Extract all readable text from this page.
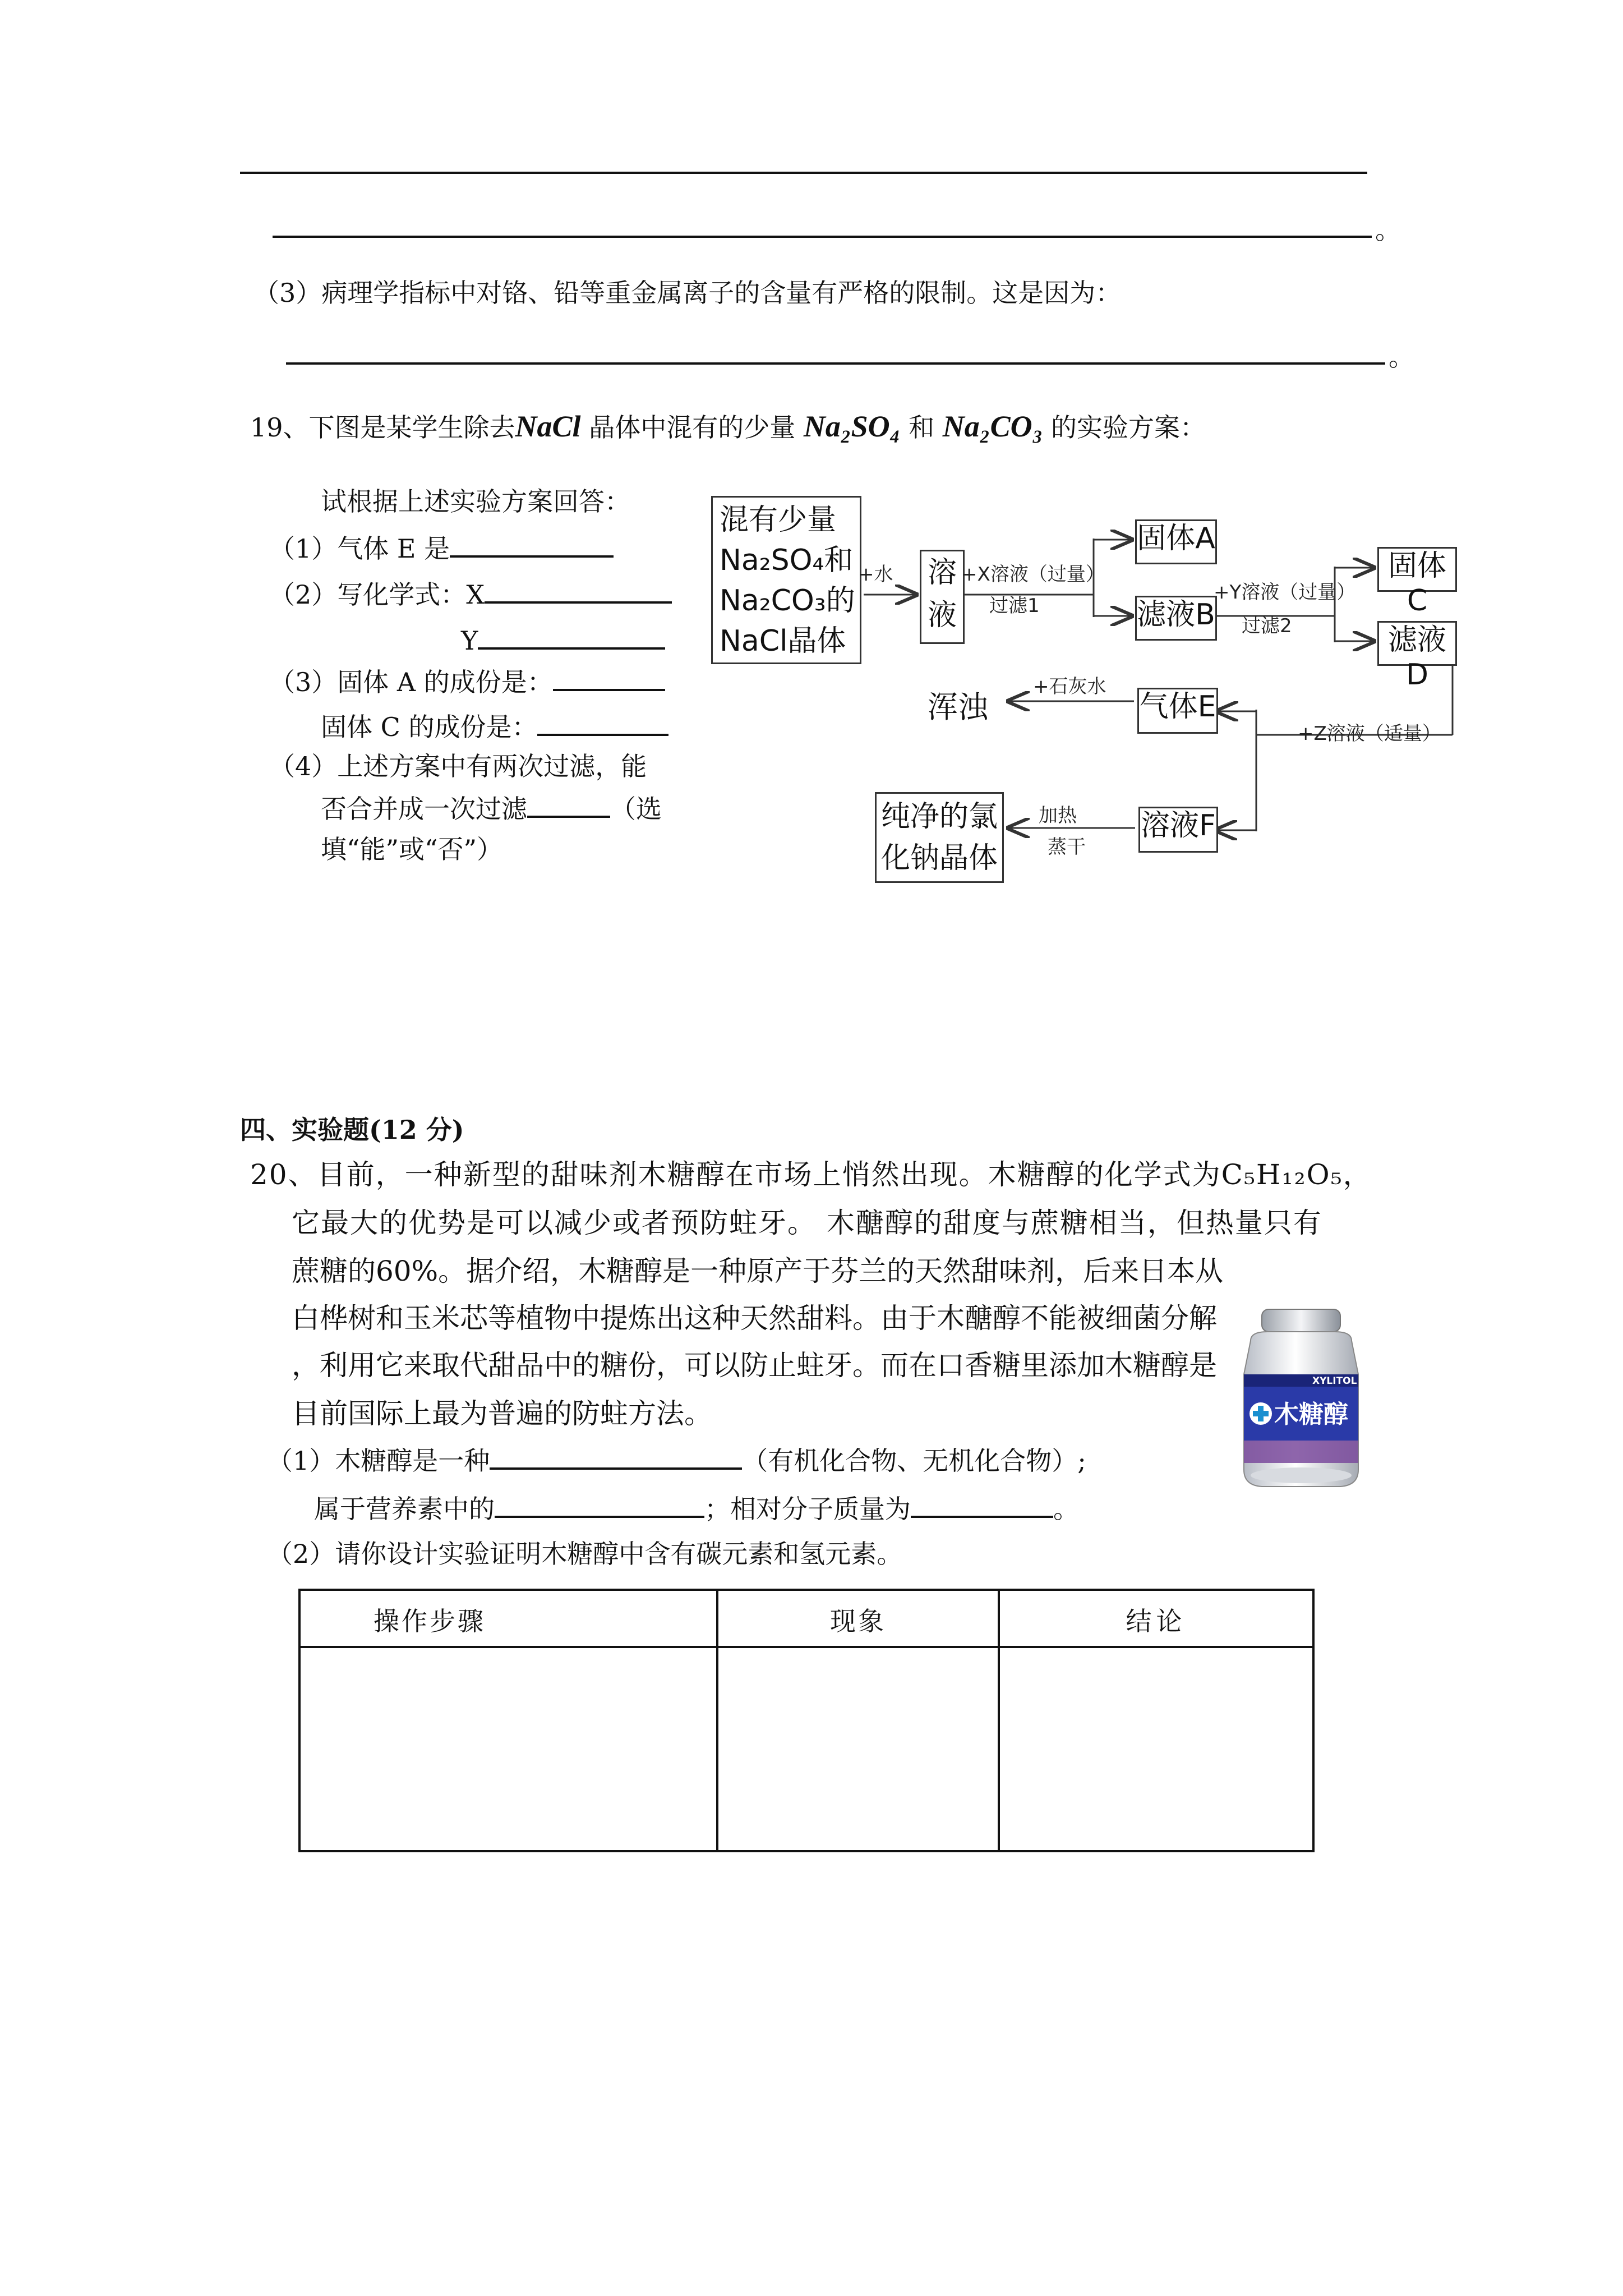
。
（3）病理学指标中对铬、铅等重金属离子的含量有严格的限制。这是因为：
。
19、下图是某学生除去NaCl 晶体中混有的少量 Na₂SO₄ 和 Na₂CO₃ 的实验方案：
试根据上述实验方案回答：
（1）气体 E 是
（2）写化学式：X
Y
（3）固体 A 的成份是：
固体 C 的成份是：
（4）上述方案中有两次过滤，能
否合并成一次过滤	（选
填“能”或“否”）
混有少量
Na₂SO₄和
Na₂CO₃的
NaCl晶体
+水 溶
液
+X溶液（过量）
过滤1
固体A
滤液B
+Y溶液（过量）
过滤2
固体C
滤液D
+Z溶液（适量）
气体E
+石灰水
浑浊
溶液F
加热
蒸干
纯净的氯
化钠晶体
四、实验题(12 分)
20、目前，一种新型的甜味剂木糖醇在市场上悄然出现。木糖醇的化学式为C₅H₁₂O₅，
它最大的优势是可以减少或者预防蛀牙。 木醣醇的甜度与蔗糖相当，但热量只有
蔗糖的60%。据介绍，木糖醇是一种原产于芬兰的天然甜味剂，后来日本从
白桦树和玉米芯等植物中提炼出这种天然甜料。由于木醣醇不能被细菌分解
，利用它来取代甜品中的糖份，可以防止蛀牙。而在口香糖里添加木糖醇是
目前国际上最为普遍的防蛀方法。
XYLITOL
木糖醇
（1）木糖醇是一种	（有机化合物、无机化合物）;
属于营养素中的	；相对分子质量为	。
（2）请你设计实验证明木糖醇中含有碳元素和氢元素。
操作步骤	现象	结论
